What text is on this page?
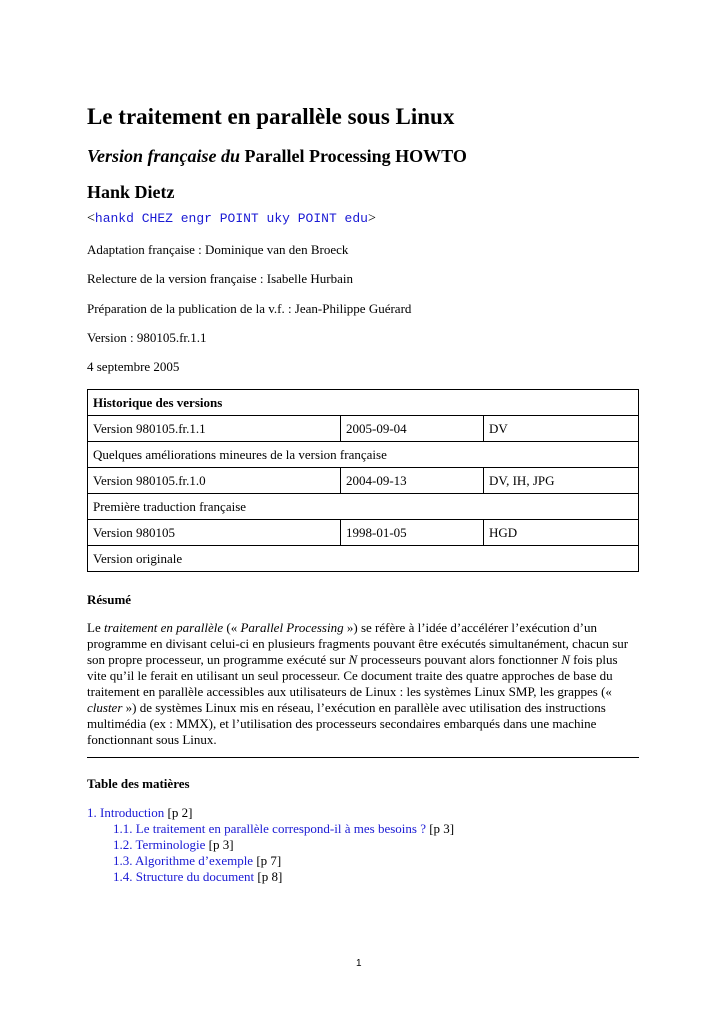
Le traitement en parallèle sous Linux
Version française du Parallel Processing HOWTO
Hank Dietz
<hankd CHEZ engr POINT uky POINT edu>
Adaptation française : Dominique van den Broeck
Relecture de la version française : Isabelle Hurbain
Préparation de la publication de la v.f. : Jean-Philippe Guérard
Version : 980105.fr.1.1
4 septembre 2005
Historique des versions		
Version 980105.fr.1.1	2005-09-04	DV
Quelques améliorations mineures de la version française		
Version 980105.fr.1.0	2004-09-13	DV, IH, JPG
Première traduction française		
Version 980105	1998-01-05	HGD
Version originale		
Résumé
Le traitement en parallèle (« Parallel Processing ») se réfère à l’idée d’accélérer l’exécution d’un programme en divisant celui-ci en plusieurs fragments pouvant être exécutés simultanément, chacun sur son propre processeur, un programme exécuté sur N processeurs pouvant alors fonctionner N fois plus vite qu’il le ferait en utilisant un seul processeur. Ce document traite des quatre approches de base du traitement en parallèle accessibles aux utilisateurs de Linux : les systèmes Linux SMP, les grappes (« cluster ») de systèmes Linux mis en réseau, l’exécution en parallèle avec utilisation des instructions multimédia (ex : MMX), et l’utilisation des processeurs secondaires embarqués dans une machine fonctionnant sous Linux.
Table des matières
1. Introduction [p 2]
1.1. Le traitement en parallèle correspond-il à mes besoins ? [p 3]
1.2. Terminologie [p 3]
1.3. Algorithme d’exemple [p 7]
1.4. Structure du document [p 8]
1
